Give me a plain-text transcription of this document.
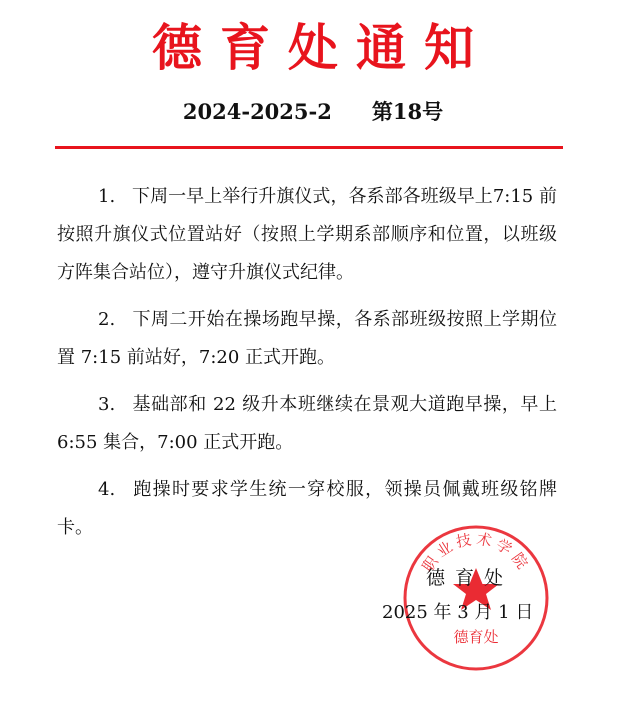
德育处通知
2024-2025-2 第18号

1. 下周一早上举行升旗仪式，各系部各班级早上7:15 前按照升旗仪式位置站好（按照上学期系部顺序和位置，以班级方阵集合站位），遵守升旗仪式纪律。

2. 下周二开始在操场跑早操，各系部班级按照上学期位置 7:15 前站好，7:20 正式开跑。

3. 基础部和 22 级升本班继续在景观大道跑早操，早上 6:55 集合，7:00 正式开跑。

4. 跑操时要求学生统一穿校服，领操员佩戴班级铭牌卡。

职业技术学院
德育处
德育处
2025 年 3 月 1 日
